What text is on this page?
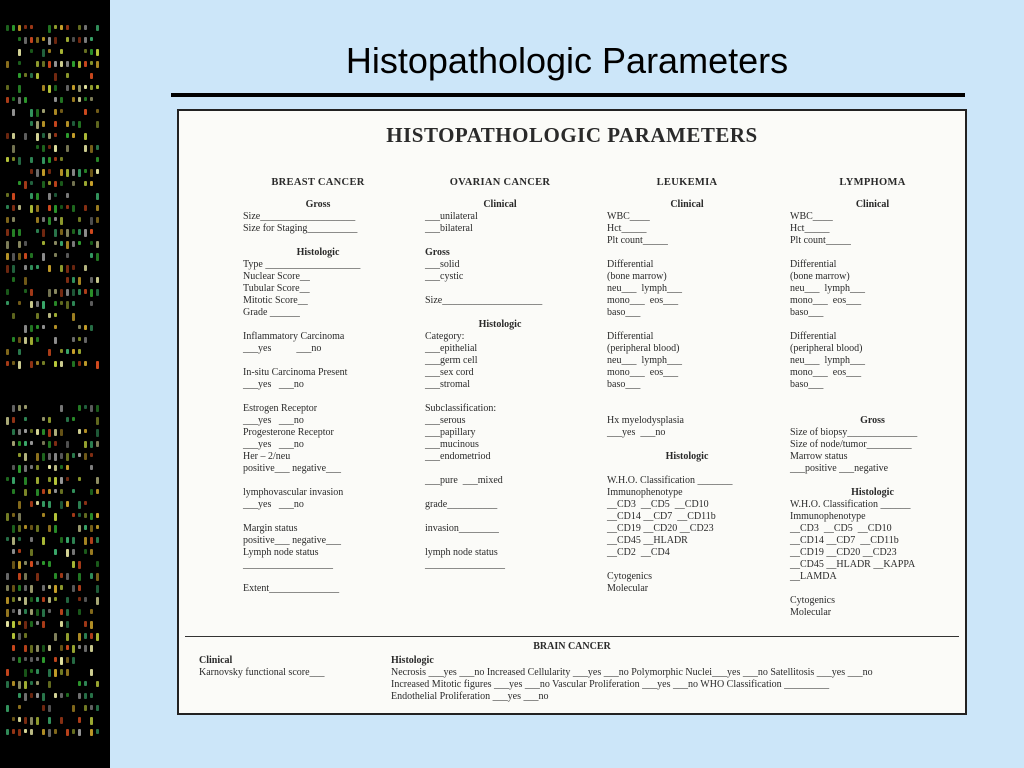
Histopathologic Parameters
HISTOPATHOLOGIC PARAMETERS
BREAST CANCER
Gross
Size___________________
Size for Staging__________
Histologic
Type ___________________
Nuclear Score__
Tubular Score__
Mitotic Score__
Grade ______
Inflammatory Carcinoma
___yes          ___no
In-situ Carcinoma Present
___yes   ___no
Estrogen Receptor
___yes   ___no
Progesterone Receptor
___yes   ___no
Her – 2/neu
positive___ negative___
lymphovascular invasion
___yes   ___no
Margin status
positive___ negative___
Lymph node status
__________________
Extent______________
OVARIAN CANCER
Clinical
___unilateral
___bilateral
Gross
___solid
___cystic
Size____________________
Histologic
Category:
___epithelial
___germ cell
___sex cord
___stromal
Subclassification:
___serous
___papillary
___mucinous
___endometriod
___pure  ___mixed
grade__________
invasion________
lymph node status
________________
LEUKEMIA
Clinical
WBC____
Hct_____
Plt count_____
Differential
(bone marrow)
neu___  lymph___
mono___  eos___
baso___
Differential
(peripheral blood)
neu___  lymph___
mono___  eos___
baso___
Hx myelodysplasia
___yes  ___no
Histologic
W.H.O. Classification _______
Immunophenotype
__CD3  __CD5  __CD10
__CD14 __CD7  __CD11b
__CD19 __CD20 __CD23
__CD45 __HLADR
__CD2  __CD4
Cytogenics
Molecular
LYMPHOMA
Clinical
WBC____
Hct_____
Plt count_____
Differential
(bone marrow)
neu___  lymph___
mono___  eos___
baso___
Differential
(peripheral blood)
neu___  lymph___
mono___  eos___
baso___
Gross
Size of biopsy______________
Size of node/tumor_________
Marrow status
___positive ___negative
Histologic
W.H.O. Classification ______
Immunophenotype
__CD3  __CD5  __CD10
__CD14 __CD7  __CD11b
__CD19 __CD20 __CD23
__CD45 __HLADR __KAPPA
__LAMDA
Cytogenics
Molecular
BRAIN CANCER
Clinical
Karnovsky functional score___
Histologic
Necrosis ___yes ___no Increased Cellularity ___yes ___no Polymorphic Nuclei___yes ___no Satellitosis ___yes ___no
Increased Mitotic figures ___yes ___no Vascular Proliferation ___yes ___no WHO Classification _________
Endothelial Proliferation ___yes ___no
